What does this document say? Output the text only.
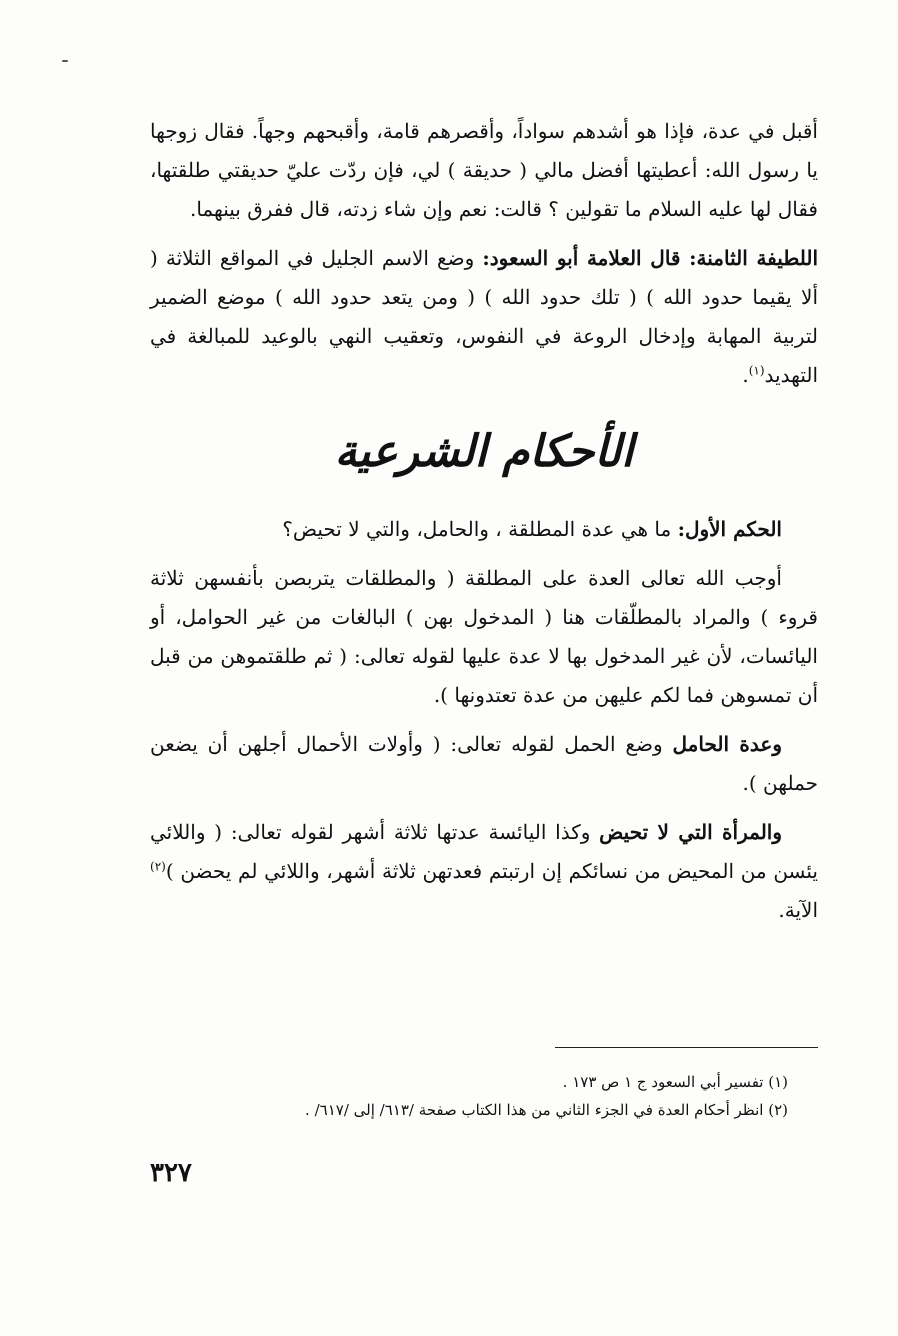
أقبل في عدة، فإذا هو أشدهم سواداً، وأقصرهم قامة، وأقبحهم وجهاً. فقال زوجها يا رسول الله: أعطيتها أفضل مالي ( حديقة ) لي، فإن ردّت عليّ حديقتي طلقتها، فقال لها عليه السلام ما تقولين ؟ قالت: نعم وإن شاء زدته، قال ففرق بينهما.

اللطيفة الثامنة: قال العلامة أبو السعود: وضع الاسم الجليل في المواقع الثلاثة ( ألا يقيما حدود الله ) ( تلك حدود الله ) ( ومن يتعد حدود الله ) موضع الضمير لتربية المهابة وإدخال الروعة في النفوس، وتعقيب النهي بالوعيد للمبالغة في التهديد$^{(١)}$.

الأحكام الشرعية

الحكم الأول: ما هي عدة المطلقة ، والحامل، والتي لا تحيض؟

أوجب الله تعالى العدة على المطلقة ( والمطلقات يتربصن بأنفسهن ثلاثة قروء ) والمراد بالمطلّقات هنا ( المدخول بهن ) البالغات من غير الحوامل، أو اليائسات، لأن غير المدخول بها لا عدة عليها لقوله تعالى: ( ثم طلقتموهن من قبل أن تمسوهن فما لكم عليهن من عدة تعتدونها ).

وعدة الحامل وضع الحمل لقوله تعالى: ( وأولات الأحمال أجلهن أن يضعن حملهن ).

والمرأة التي لا تحيض وكذا اليائسة عدتها ثلاثة أشهر لقوله تعالى: ( واللائي يئسن من المحيض من نسائكم إن ارتبتم فعدتهن ثلاثة أشهر، واللائي لم يحضن )$^{(٢)}$ الآية.

(١) تفسير أبي السعود ج ١ ص ١٧٣ .

(٢) انظر أحكام العدة في الجزء الثاني من هذا الكتاب صفحة /٦١٣/ إلى /٦١٧/ .

٣٢٧
